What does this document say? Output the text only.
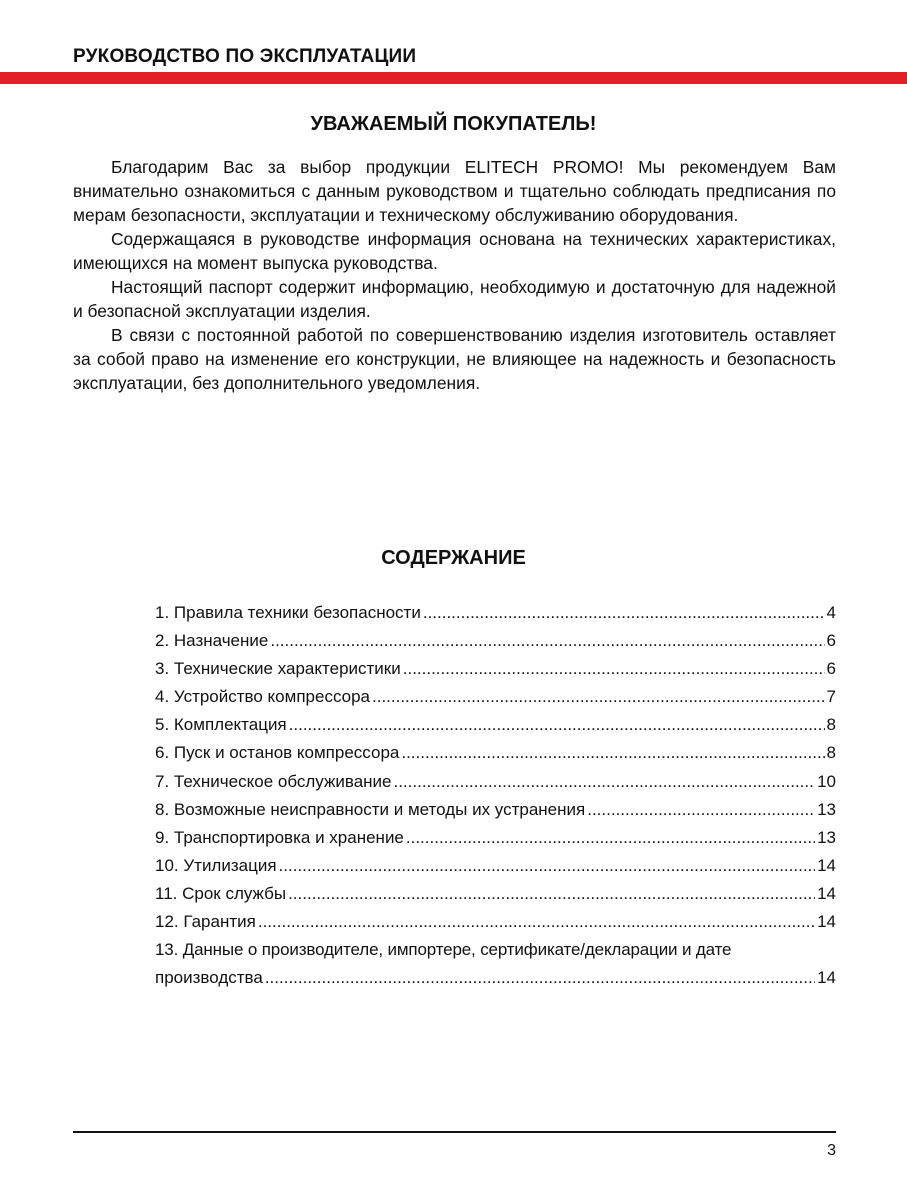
РУКОВОДСТВО ПО ЭКСПЛУАТАЦИИ
УВАЖАЕМЫЙ ПОКУПАТЕЛЬ!

Благодарим Вас за выбор продукции ELITECH PROMO! Мы рекомендуем Вам внимательно ознакомиться с данным руководством и тщательно соблюдать предписания по мерам безопасности, эксплуатации и техническому обслуживанию оборудования.

Содержащаяся в руководстве информация основана на технических характеристиках, имеющихся на момент выпуска руководства.

Настоящий паспорт содержит информацию, необходимую и достаточную для надежной и безопасной эксплуатации изделия.

В связи с постоянной работой по совершенствованию изделия изготовитель оставляет за собой право на изменение его конструкции, не влияющее на надежность и безопасность эксплуатации, без дополнительного уведомления.

СОДЕРЖАНИЕ
1. Правила техники безопасности .....	4
2. Назначение .....	6
3. Технические характеристики .....	6
4. Устройство компрессора .....	7
5. Комплектация .....	8
6. Пуск и останов компрессора .....	8
7. Техническое обслуживание .....	10
8. Возможные неисправности и методы их устранения .....	13
9. Транспортировка и хранение .....	13
10. Утилизация .....	14
11. Срок службы .....	14
12. Гарантия .....	14
13. Данные о производителе, импортере, сертификате/декларации и дате
производства .....	14
3
